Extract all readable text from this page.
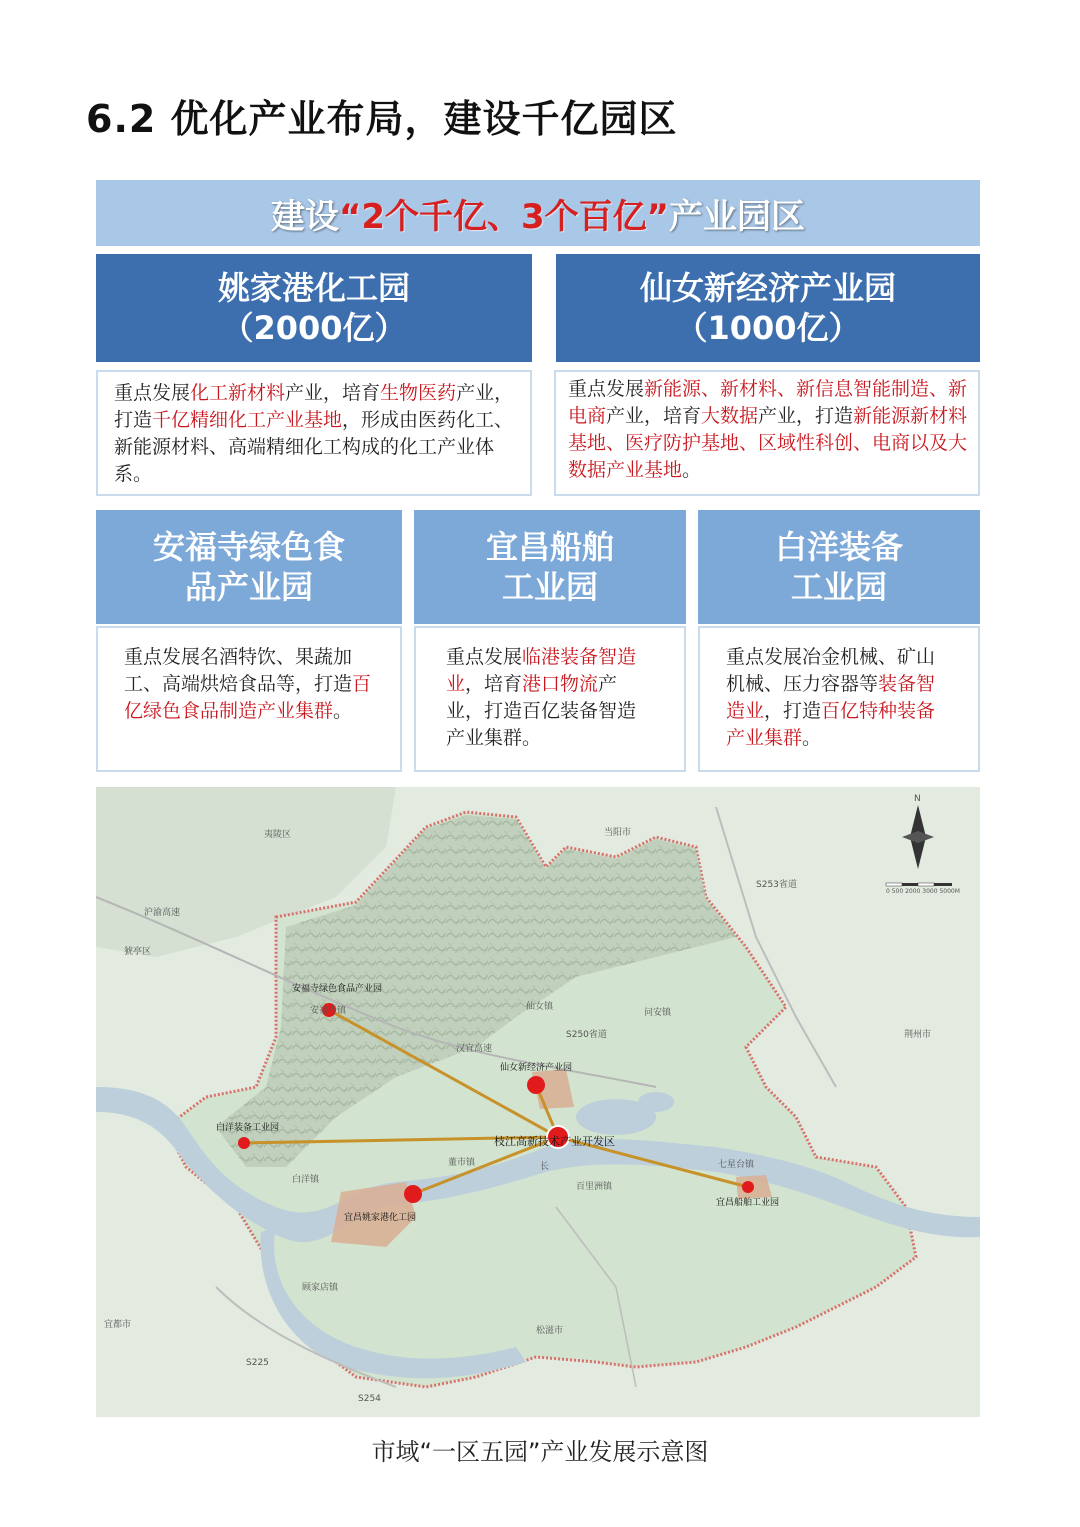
6.2 优化产业布局，建设千亿园区
建设 “2个千亿、3个百亿” 产业园区
姚家港化工园
（2000亿）
重点发展化工新材料产业，培育生物医药产业，打造千亿精细化工产业基地，形成由医药化工、新能源材料、高端精细化工构成的化工产业体系。
仙女新经济产业园
（1000亿）
重点发展新能源、新材料、新信息智能制造、新电商产业，培育大数据产业，打造新能源新材料基地、医疗防护基地、区域性科创、电商以及大数据产业基地。
安福寺绿色食
品产业园
重点发展名酒特饮、果蔬加工、高端烘焙食品等，打造百亿绿色食品制造产业集群。
宜昌船舶
工业园
重点发展临港装备智造业，培育港口物流产业，打造百亿装备智造产业集群。
白洋装备
工业园
重点发展冶金机械、矿山机械、压力容器等装备智造业，打造百亿特种装备产业集群。
安福寺绿色食品产业园
仙女新经济产业园
白洋装备工业园
宜昌姚家港化工园
宜昌船舶工业园
枝江高新技术产业开发区
夷陵区	当阳市
猇亭区
荆州市
仙女镇
问安镇
安福寺镇
董市镇
白洋镇
百里洲镇
七星台镇
顾家店镇
松滋市
宜都市
S225
S254
S253省道
S250省道
沪渝高速
汉宜高速
长
N
0 500 2000 3000 5000M
市域“一区五园”产业发展示意图
